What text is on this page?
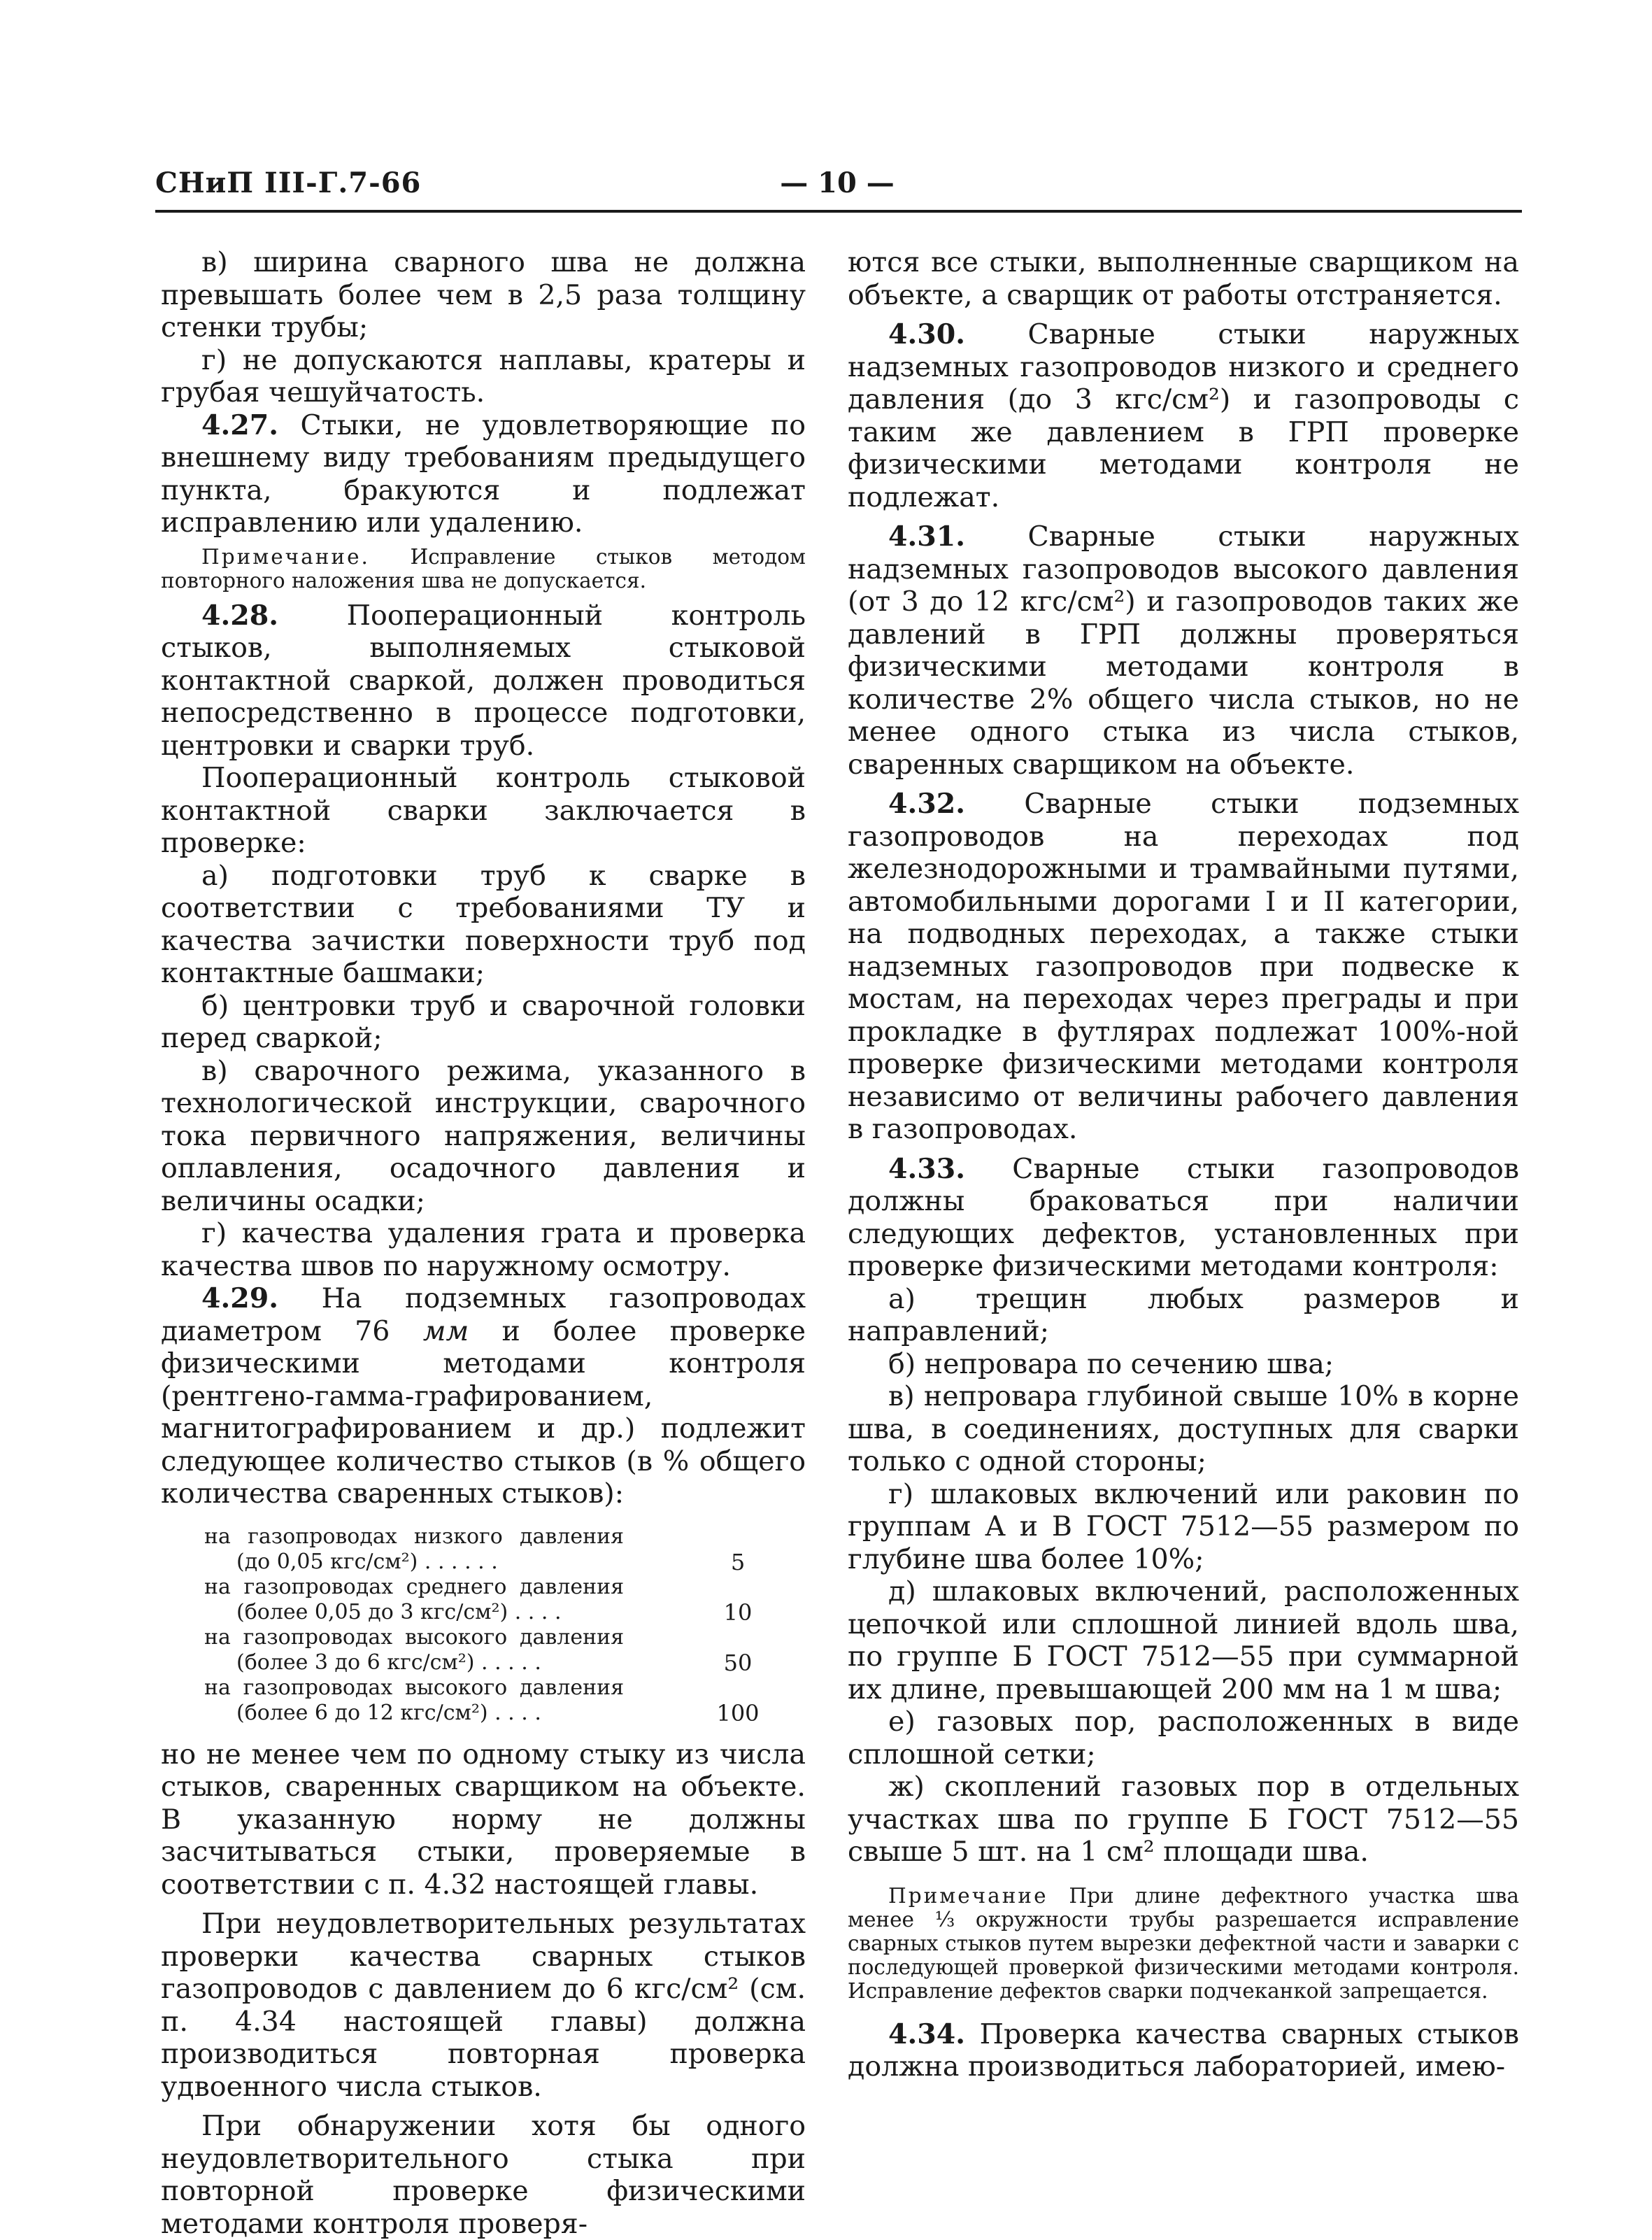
СНиП III-Г.7-66	— 10 —

в) ширина сварного шва не должна превышать более чем в 2,5 раза толщину стенки трубы;

г) не допускаются наплавы, кратеры и грубая чешуйчатость.

4.27. Стыки, не удовлетворяющие по внешнему виду требованиям предыдущего пункта, бракуются и подлежат исправлению или удалению.

Примечание. Исправление стыков методом повторного наложения шва не допускается.

4.28. Пооперационный контроль стыков, выполняемых стыковой контактной сваркой, должен проводиться непосредственно в процессе подготовки, центровки и сварки труб.

Пооперационный контроль стыковой контактной сварки заключается в проверке:

а) подготовки труб к сварке в соответствии с требованиями ТУ и качества зачистки поверхности труб под контактные башмаки;

б) центровки труб и сварочной головки перед сваркой;

в) сварочного режима, указанного в технологической инструкции, сварочного тока первичного напряжения, величины оплавления, осадочного давления и величины осадки;

г) качества удаления грата и проверка качества швов по наружному осмотру.

4.29. На подземных газопроводах диаметром 76 мм и более проверке физическими методами контроля (рентгено-гамма-графированием, магнитографированием и др.) подлежит следующее количество стыков (в % общего количества сваренных стыков):

на газопроводах низкого давления
(до 0,05 кгс/см²) . . . . . .	5
на газопроводах среднего давления
(более 0,05 до 3 кгс/см²) . . . .	10
на газопроводах высокого давления
(более 3 до 6 кгс/см²) . . . . .	50
на газопроводах высокого давления
(более 6 до 12 кгс/см²) . . . .	100

но не менее чем по одному стыку из числа стыков, сваренных сварщиком на объекте. В указанную норму не должны засчитываться стыки, проверяемые в соответствии с п. 4.32 настоящей главы.

При неудовлетворительных результатах проверки качества сварных стыков газопроводов с давлением до 6 кгс/см² (см. п. 4.34 настоящей главы) должна производиться повторная проверка удвоенного числа стыков.

При обнаружении хотя бы одного неудовлетворительного стыка при повторной проверке физическими методами контроля проверя-

ются все стыки, выполненные сварщиком на объекте, а сварщик от работы отстраняется.

4.30. Сварные стыки наружных надземных газопроводов низкого и среднего давления (до 3 кгс/см²) и газопроводы с таким же давлением в ГРП проверке физическими методами контроля не подлежат.

4.31. Сварные стыки наружных надземных газопроводов высокого давления (от 3 до 12 кгс/см²) и газопроводов таких же давлений в ГРП должны проверяться физическими методами контроля в количестве 2% общего числа стыков, но не менее одного стыка из числа стыков, сваренных сварщиком на объекте.

4.32. Сварные стыки подземных газопроводов на переходах под железнодорожными и трамвайными путями, автомобильными дорогами I и II категории, на подводных переходах, а также стыки надземных газопроводов при подвеске к мостам, на переходах через преграды и при прокладке в футлярах подлежат 100%-ной проверке физическими методами контроля независимо от величины рабочего давления в газопроводах.

4.33. Сварные стыки газопроводов должны браковаться при наличии следующих дефектов, установленных при проверке физическими методами контроля:

а) трещин любых размеров и направлений;

б) непровара по сечению шва;

в) непровара глубиной свыше 10% в корне шва, в соединениях, доступных для сварки только с одной стороны;

г) шлаковых включений или раковин по группам А и В ГОСТ 7512—55 размером по глубине шва более 10%;

д) шлаковых включений, расположенных цепочкой или сплошной линией вдоль шва, по группе Б ГОСТ 7512—55 при суммарной их длине, превышающей 200 мм на 1 м шва;

е) газовых пор, расположенных в виде сплошной сетки;

ж) скоплений газовых пор в отдельных участках шва по группе Б ГОСТ 7512—55 свыше 5 шт. на 1 см² площади шва.

Примечание При длине дефектного участка шва менее ⅓ окружности трубы разрешается исправление сварных стыков путем вырезки дефектной части и заварки с последующей проверкой физическими методами контроля. Исправление дефектов сварки подчеканкой запрещается.

4.34. Проверка качества сварных стыков должна производиться лабораторией, имею-
